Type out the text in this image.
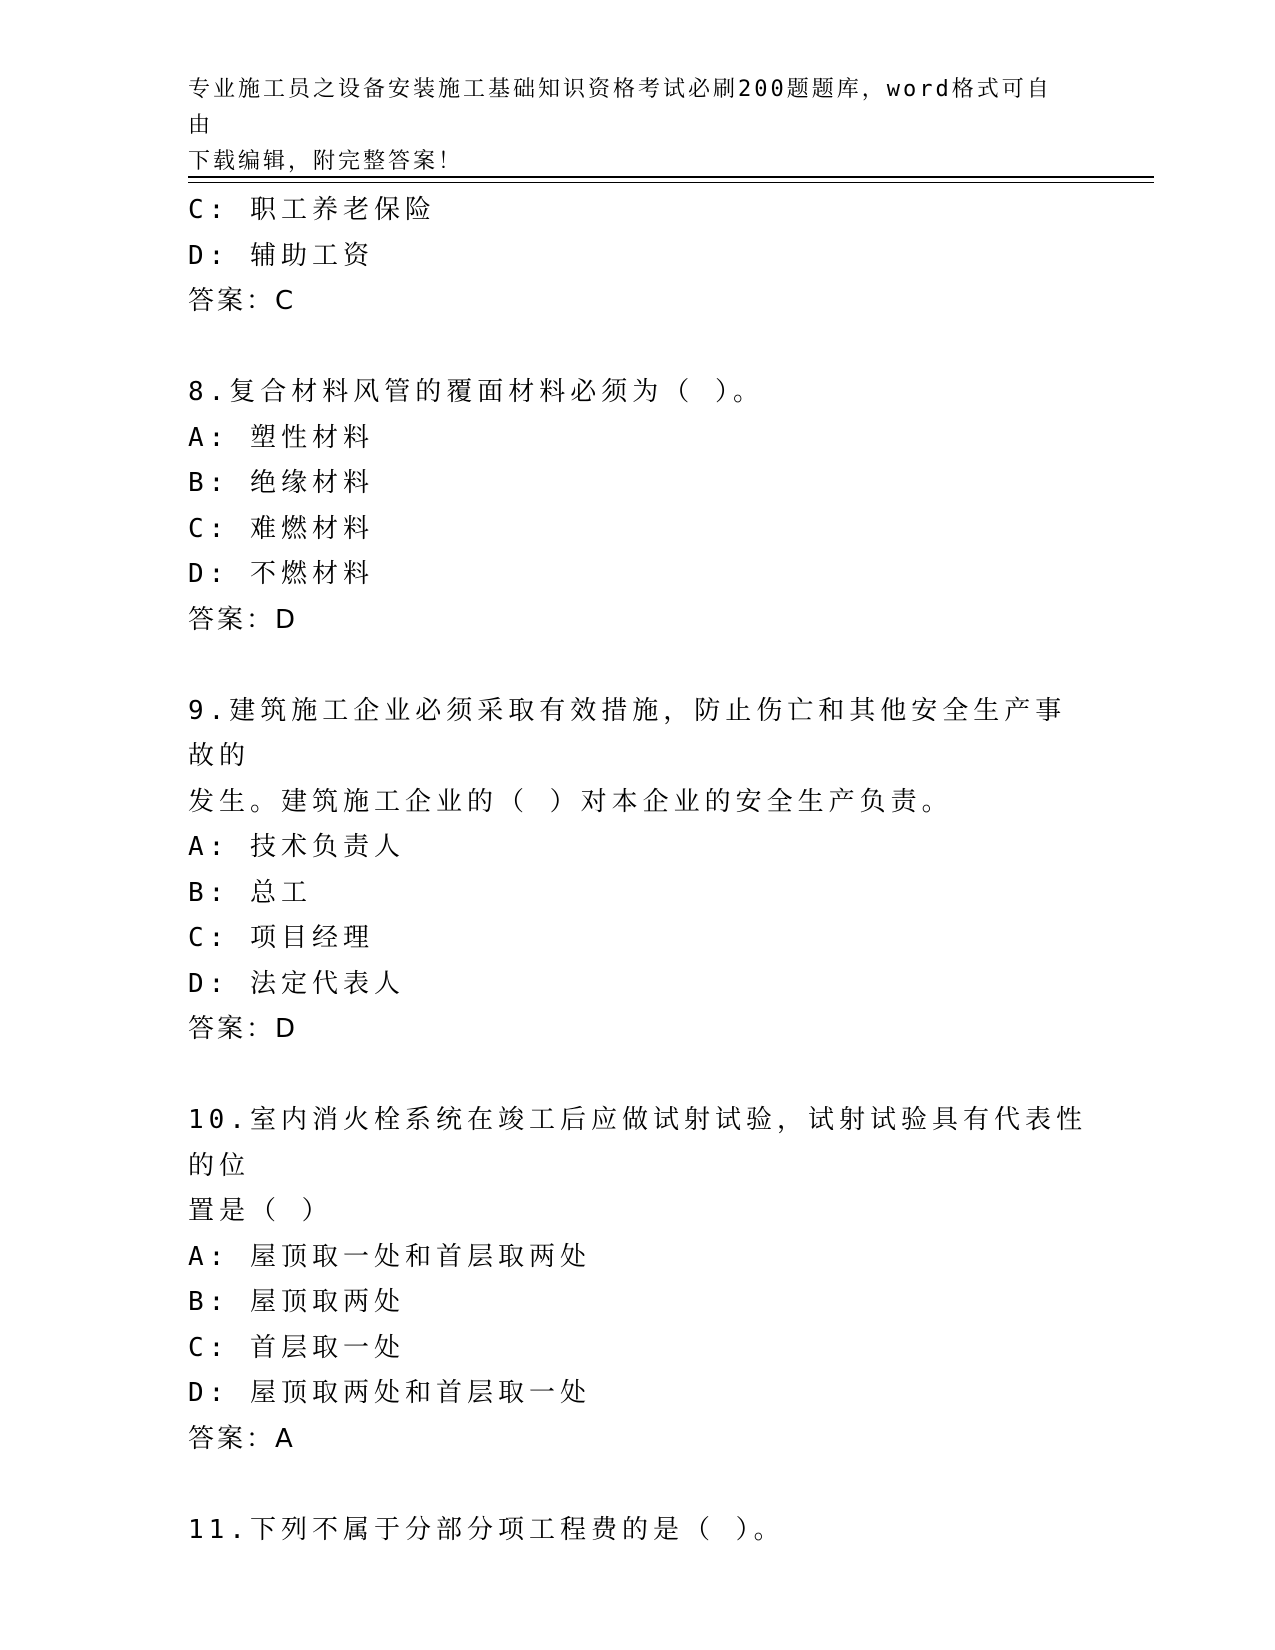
专业施工员之设备安装施工基础知识资格考试必刷200题题库，word格式可自由
下载编辑，附完整答案！
C: 职工养老保险
D: 辅助工资
答案：C
8.复合材料风管的覆面材料必须为（ ）。
A: 塑性材料
B: 绝缘材料
C: 难燃材料
D: 不燃材料
答案：D
9.建筑施工企业必须采取有效措施，防止伤亡和其他安全生产事故的
发生。建筑施工企业的（ ）对本企业的安全生产负责。
A: 技术负责人
B: 总工
C: 项目经理
D: 法定代表人
答案：D
10.室内消火栓系统在竣工后应做试射试验，试射试验具有代表性的位
置是（ ）
A: 屋顶取一处和首层取两处
B: 屋顶取两处
C: 首层取一处
D: 屋顶取两处和首层取一处
答案：A
11.下列不属于分部分项工程费的是（ ）。
